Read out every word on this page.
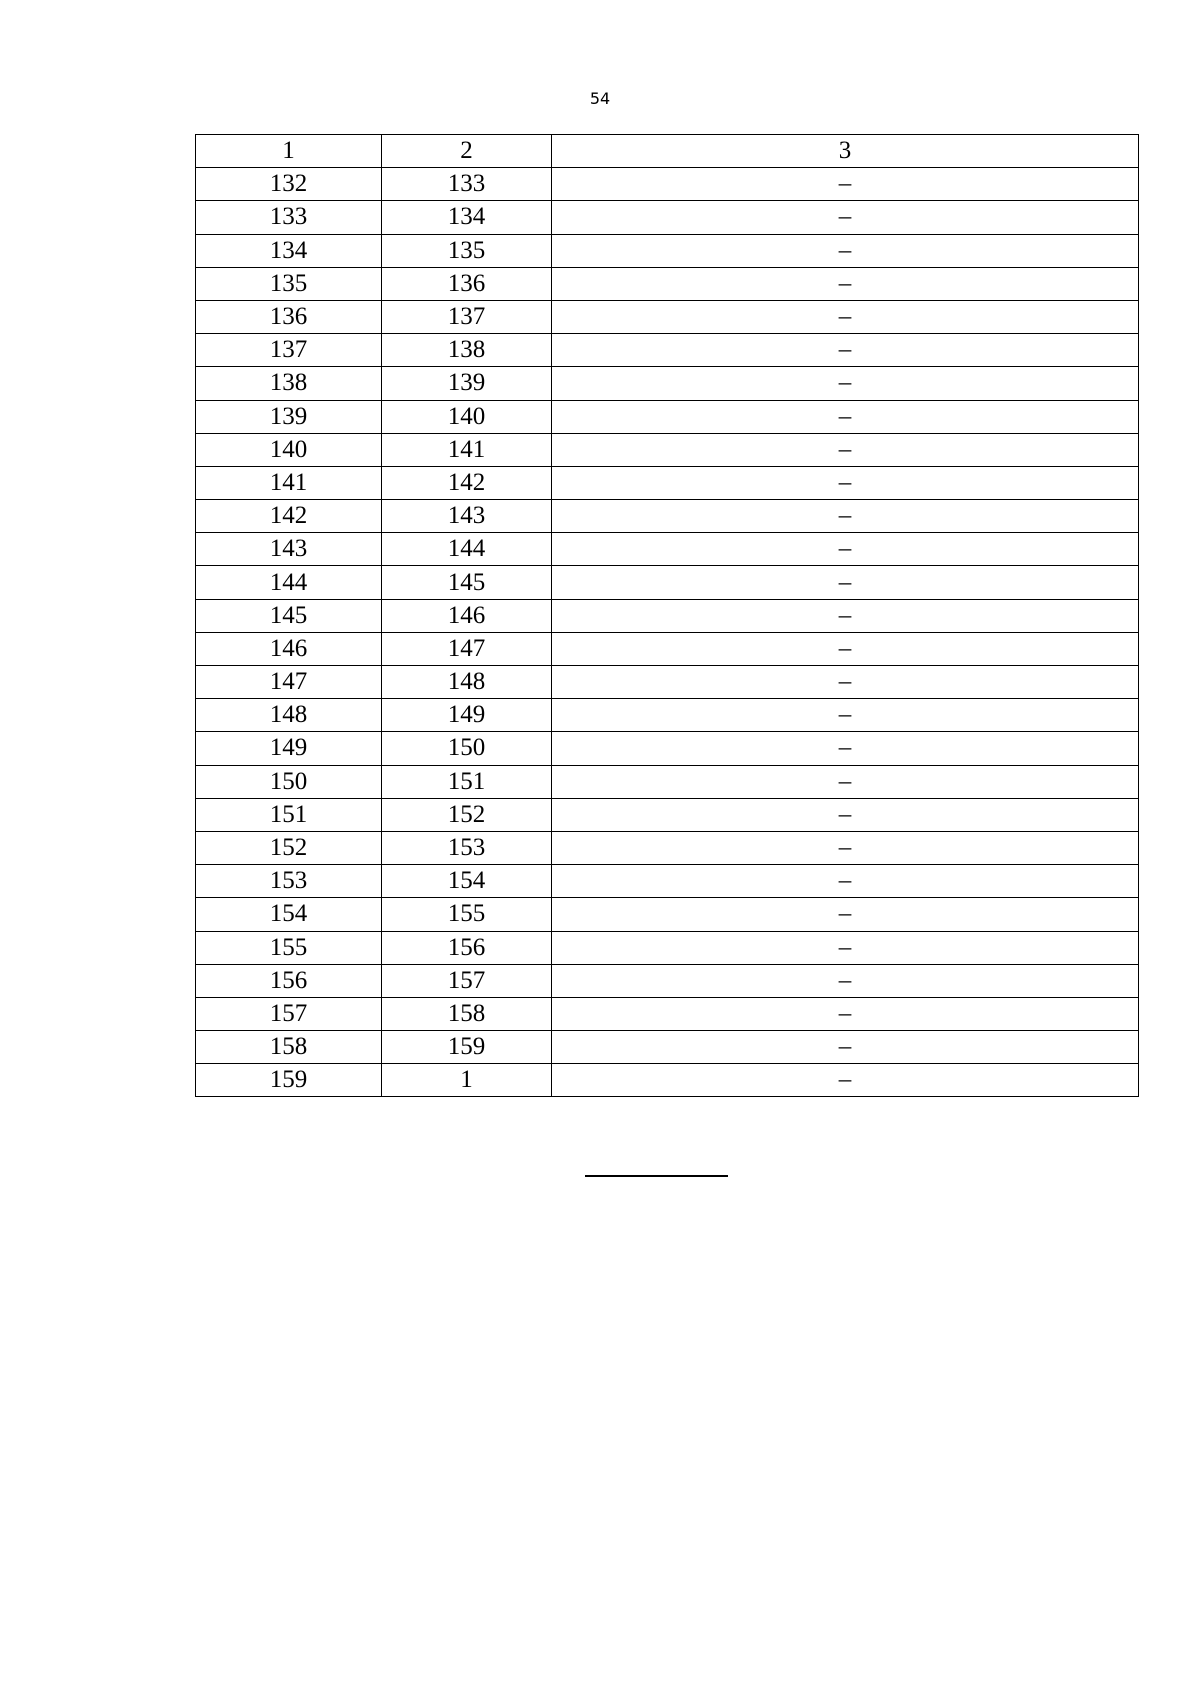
54
1	2	3
132	133	–
133	134	–
134	135	–
135	136	–
136	137	–
137	138	–
138	139	–
139	140	–
140	141	–
141	142	–
142	143	–
143	144	–
144	145	–
145	146	–
146	147	–
147	148	–
148	149	–
149	150	–
150	151	–
151	152	–
152	153	–
153	154	–
154	155	–
155	156	–
156	157	–
157	158	–
158	159	–
159	1	–
